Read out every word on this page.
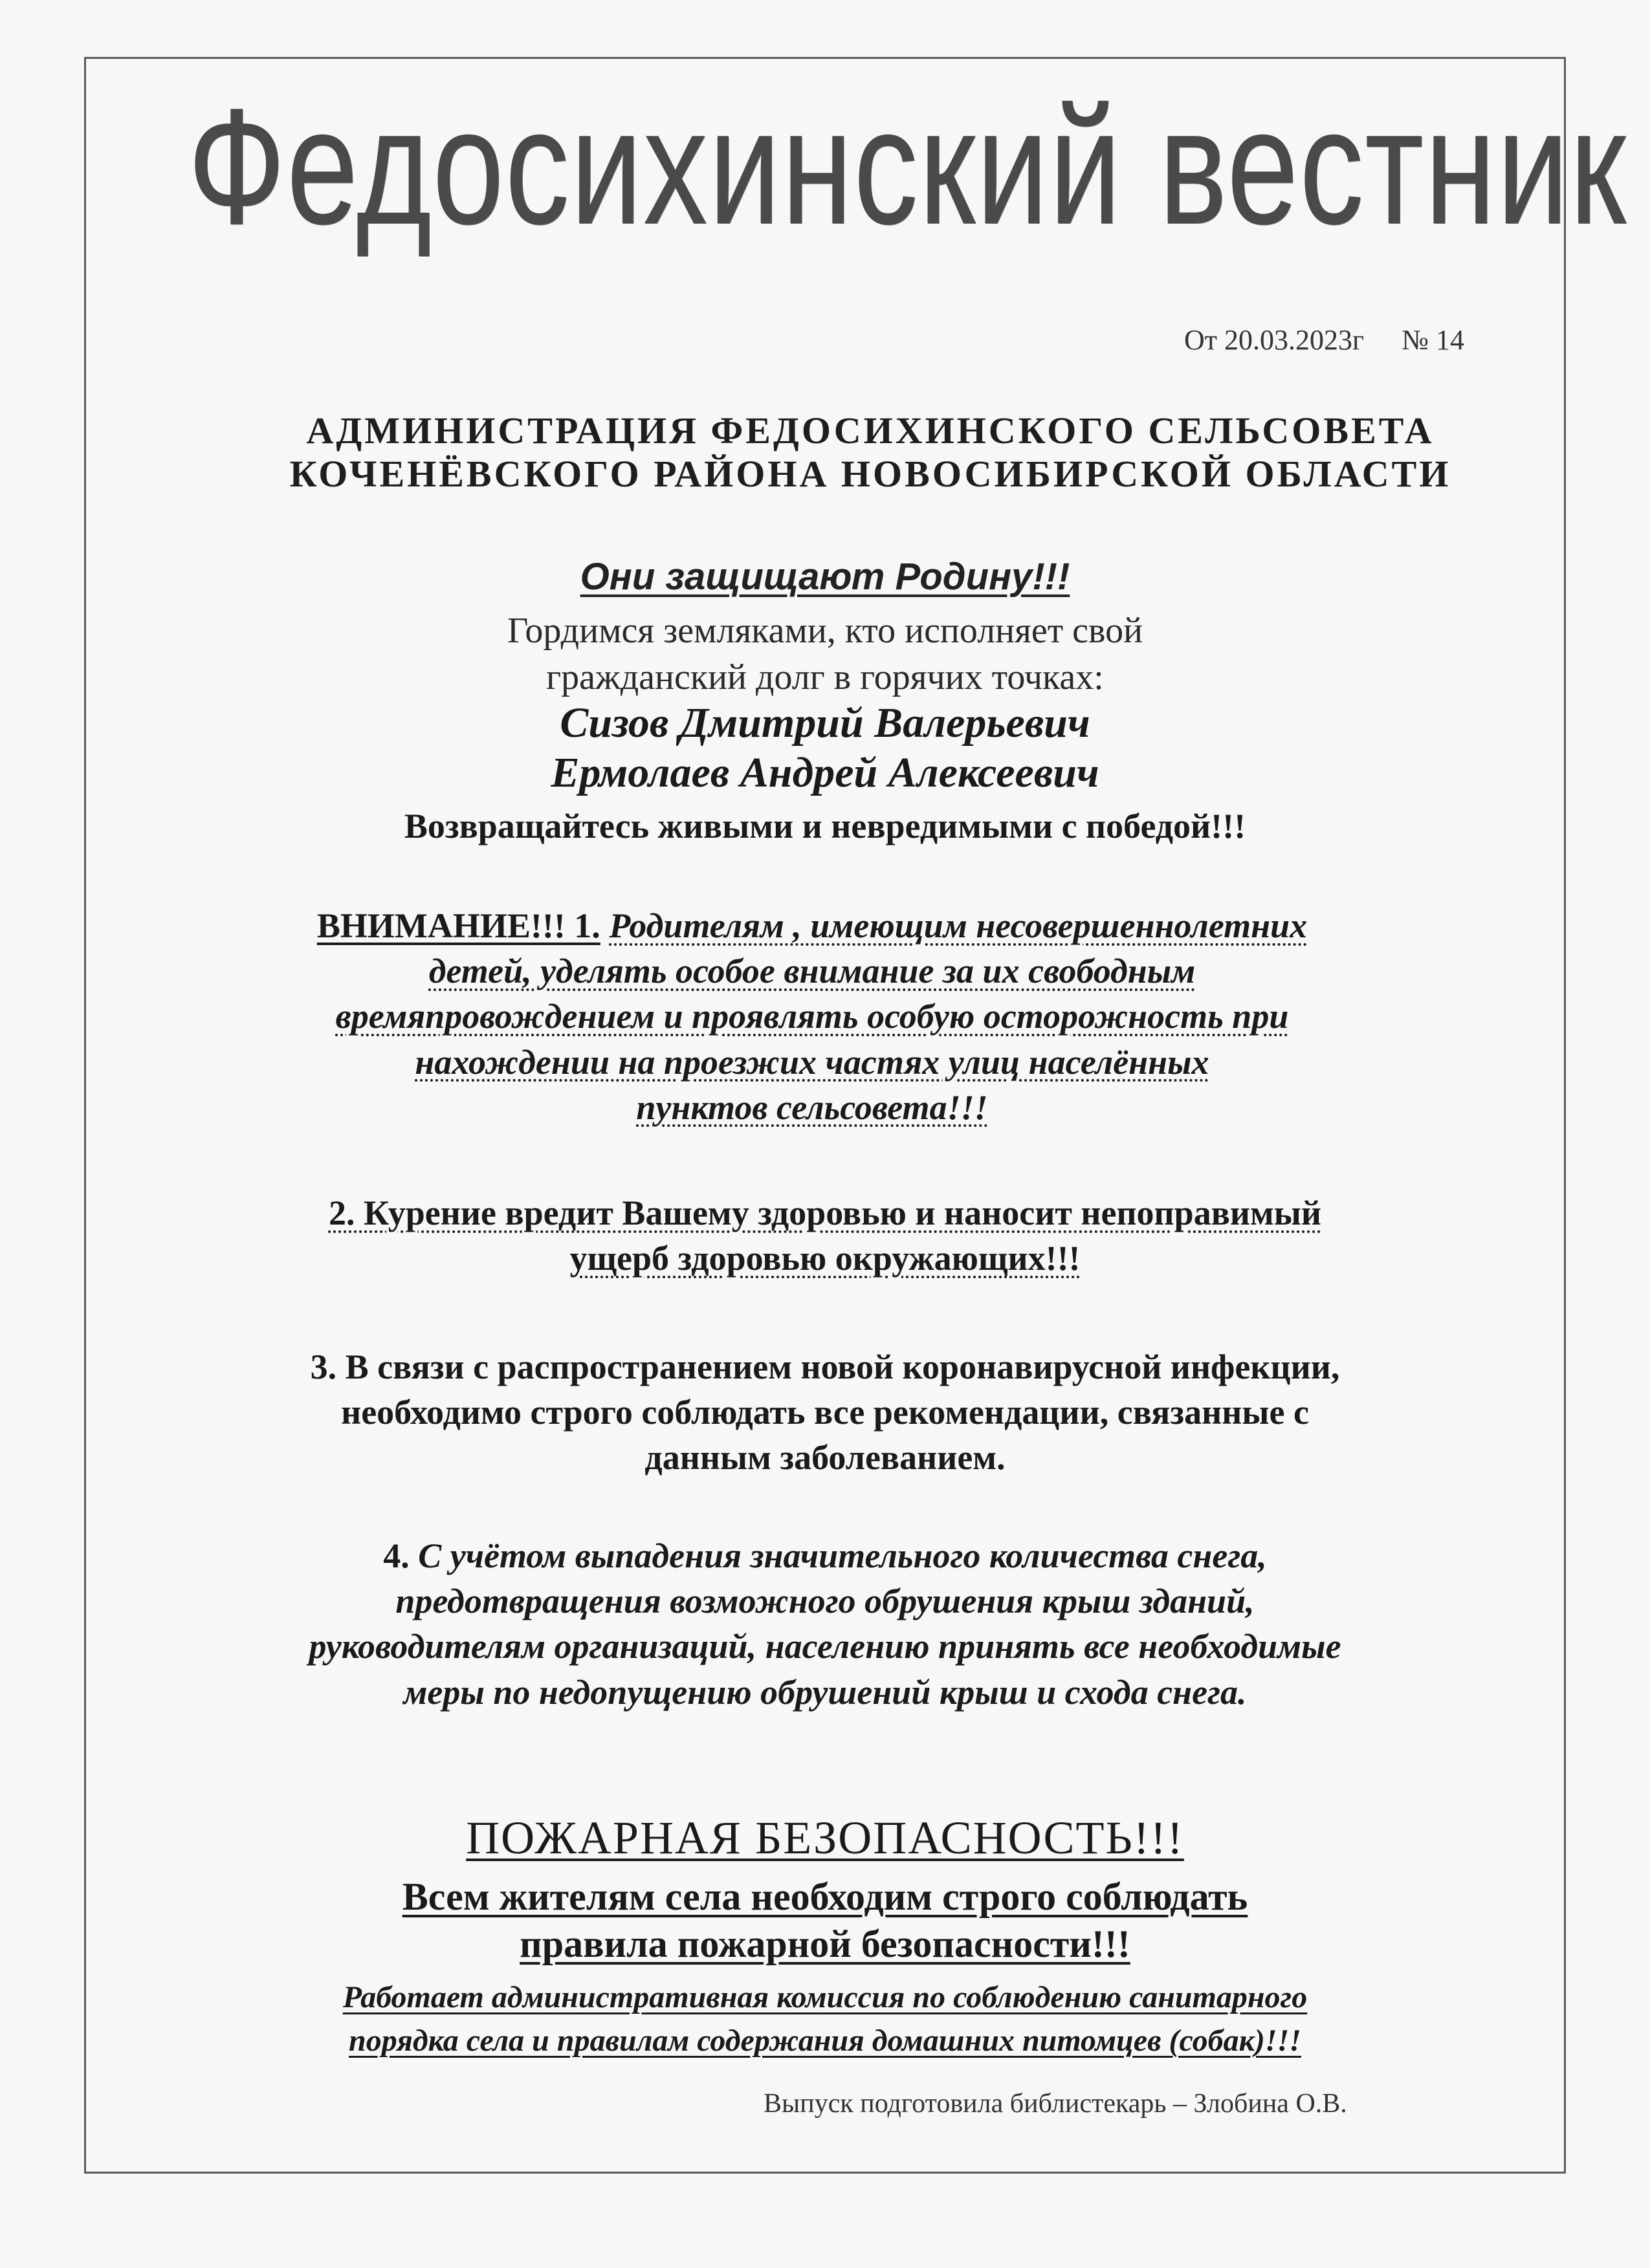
Федосихинский вестник
От 20.03.2023г № 14
АДМИНИСТРАЦИЯ ФЕДОСИХИНСКОГО СЕЛЬСОВЕТА
КОЧЕНЁВСКОГО РАЙОНА НОВОСИБИРСКОЙ ОБЛАСТИ
Они защищают Родину!!!
Гордимся земляками, кто исполняет свой
гражданский долг в горячих точках:
Сизов Дмитрий Валерьевич
Ермолаев Андрей Алексеевич
Возвращайтесь живыми и невредимыми с победой!!!
ВНИМАНИЕ!!! 1. Родителям , имеющим несовершеннолетних
детей, уделять особое внимание за их свободным
времяпровождением и проявлять особую осторожность при
нахождении на проезжих частях улиц населённых
пунктов сельсовета!!!
2. Курение вредит Вашему здоровью и наносит непоправимый
ущерб здоровью окружающих!!!
3. В связи с распространением новой коронавирусной инфекции,
необходимо строго соблюдать все рекомендации, связанные с
данным заболеванием.
4. С учётом выпадения значительного количества снега,
предотвращения возможного обрушения крыш зданий,
руководителям организаций, населению принять все необходимые
меры по недопущению обрушений крыш и схода снега.
ПОЖАРНАЯ БЕЗОПАСНОСТЬ!!!
Всем жителям села необходим строго соблюдать
правила пожарной безопасности!!!
Работает административная комиссия по соблюдению санитарного
порядка села и правилам содержания домашних питомцев (собак)!!!
Выпуск подготовила библистекарь – Злобина О.В.
